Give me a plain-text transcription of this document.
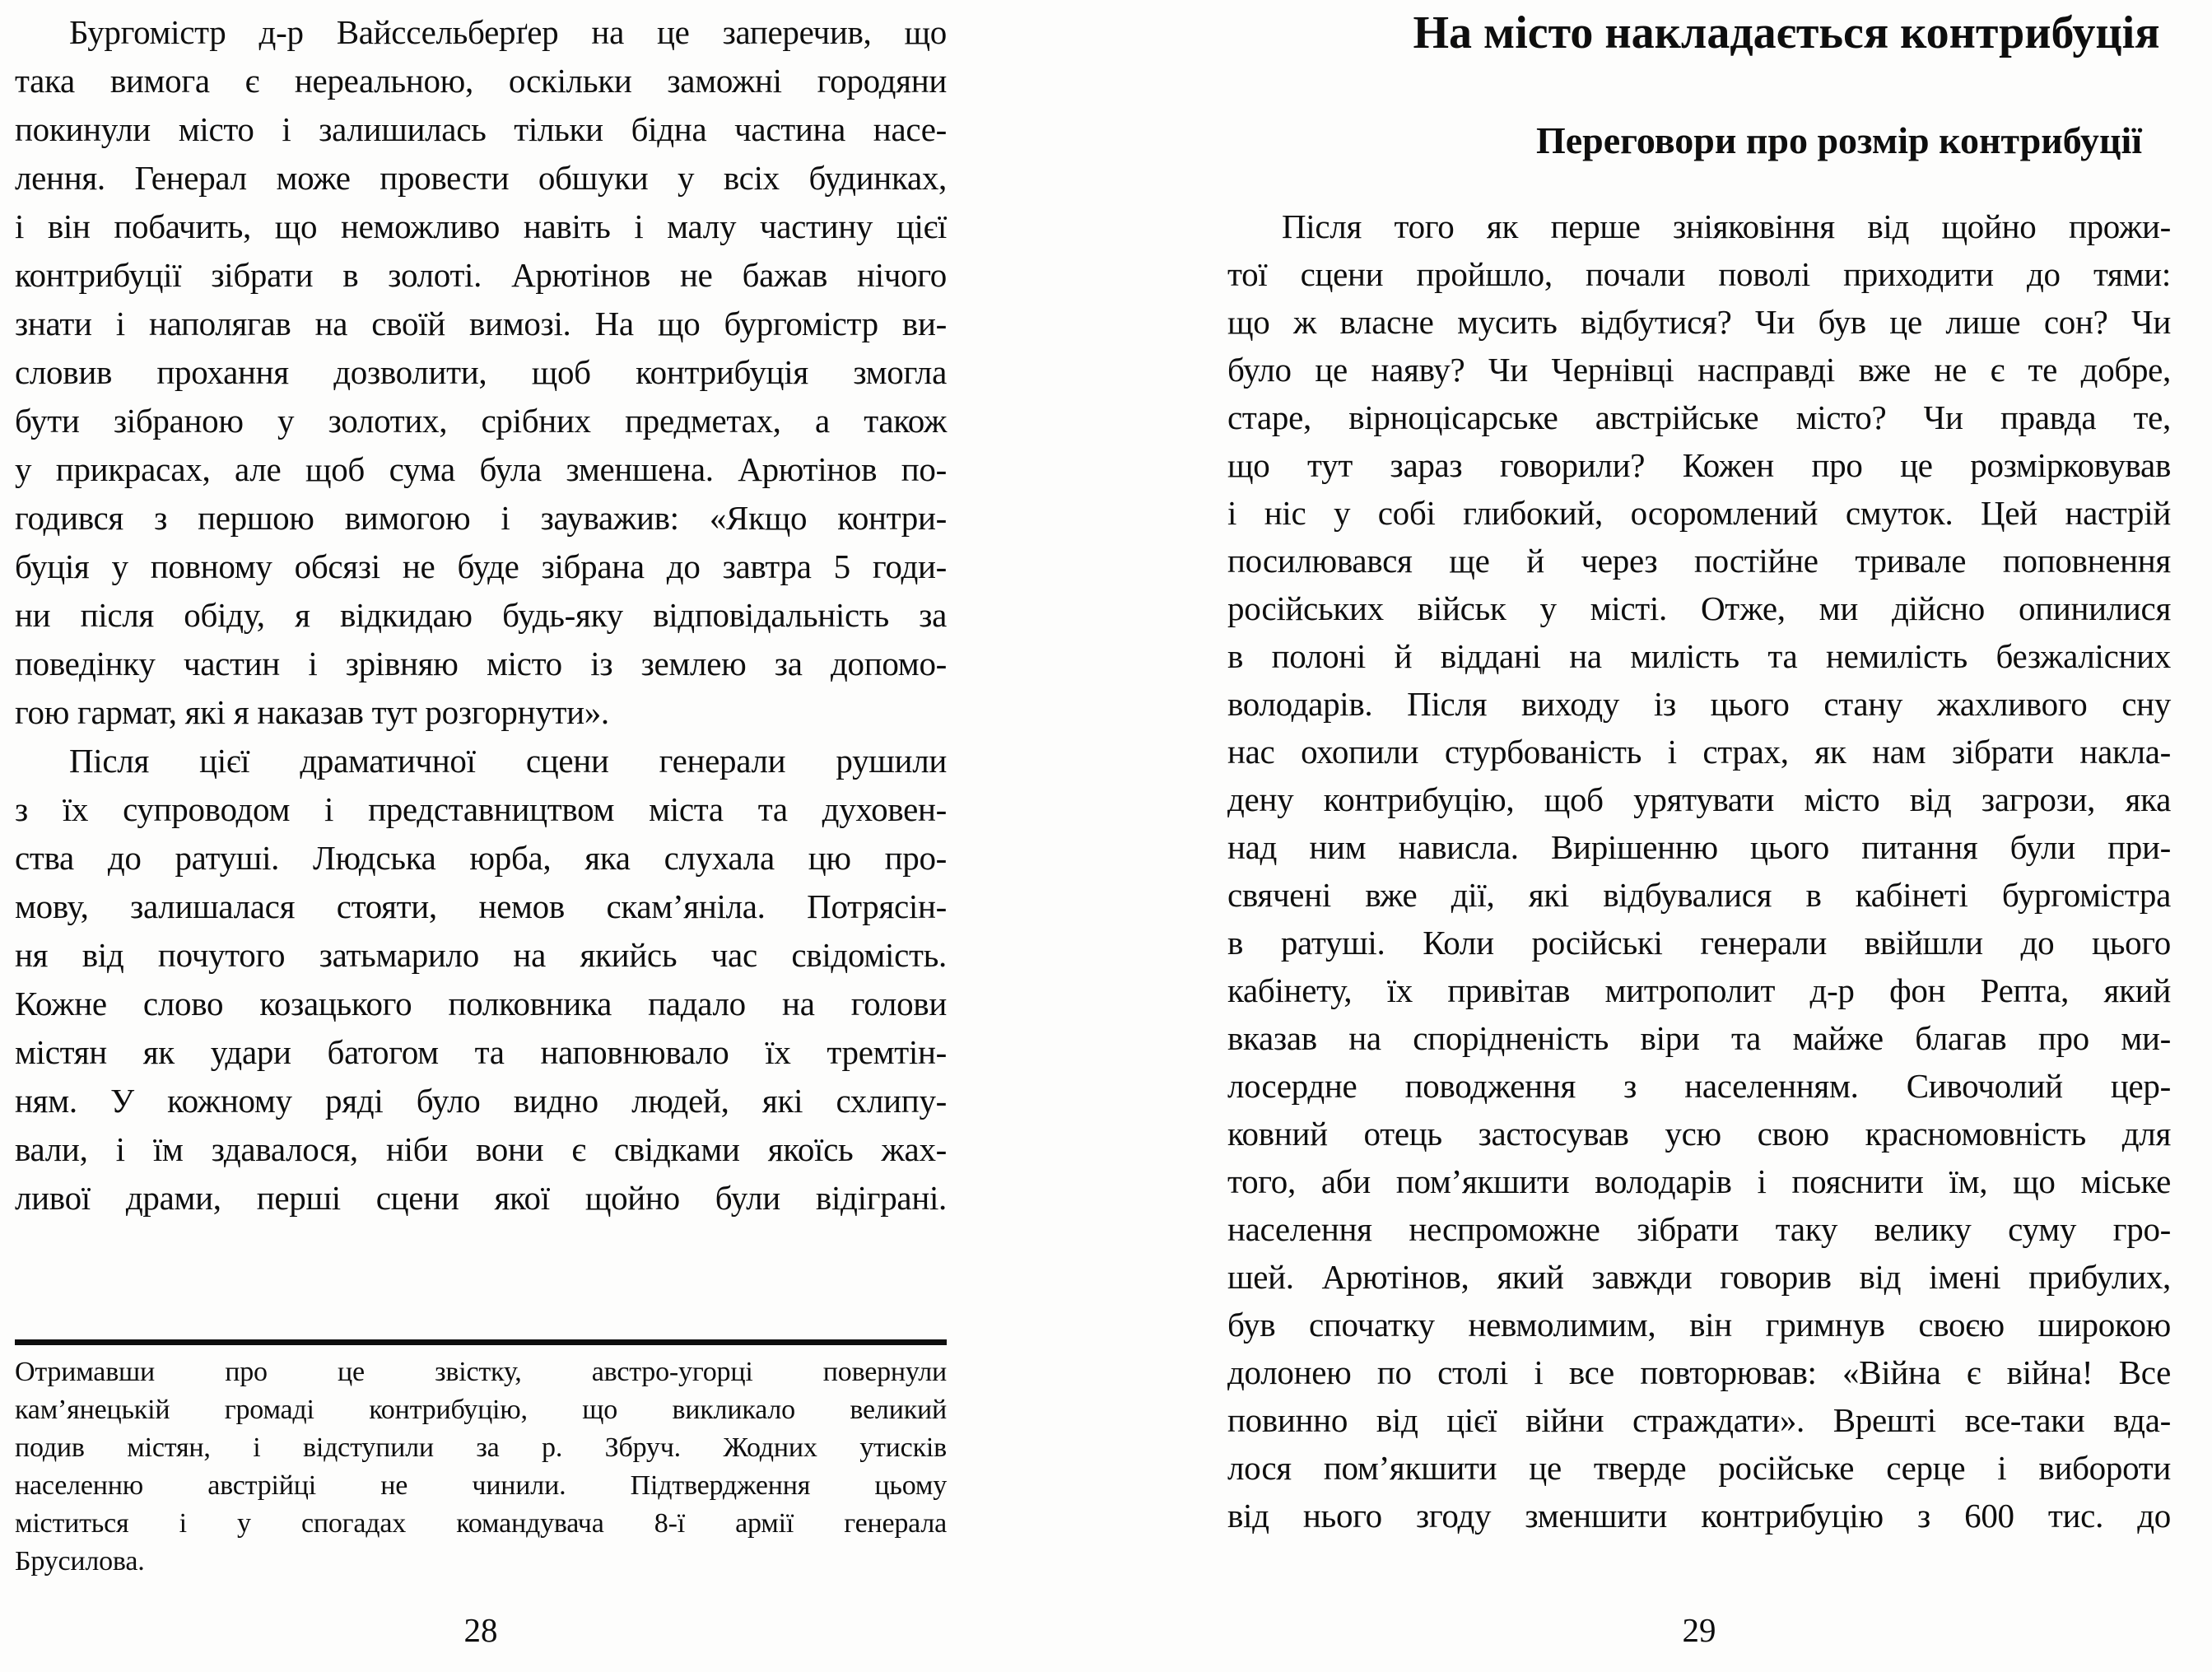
Бургомістр д-р Вайссельберґер на це заперечив, що
така вимога є нереальною, оскільки заможні городяни
покинули місто і залишилась тільки бідна частина насе-
лення. Генерал може провести обшуки у всіх будинках,
і він побачить, що неможливо навіть і малу частину цієї
контрибуції зібрати в золоті. Арютінов не бажав нічого
знати і наполягав на своїй вимозі. На що бургомістр ви-
словив прохання дозволити, щоб контрибуція змогла
бути зібраною у золотих, срібних предметах, а також
у прикрасах, але щоб сума була зменшена. Арютінов по-
годився з першою вимогою і зауважив: «Якщо контри-
буція у повному обсязі не буде зібрана до завтра 5 годи-
ни після обіду, я відкидаю будь-яку відповідальність за
поведінку частин і зрівняю місто із землею за допомо-
гою гармат, які я наказав тут розгорнути».
Після цієї драматичної сцени генерали рушили
з їх супроводом і представництвом міста та духовен-
ства до ратуші. Людська юрба, яка слухала цю про-
мову, залишалася стояти, немов скам’яніла. Потрясін-
ня від почутого затьмарило на якийсь час свідомість.
Кожне слово козацького полковника падало на голови
містян як удари батогом та наповнювало їх тремтін-
ням. У кожному ряді було видно людей, які схлипу-
вали, і їм здавалося, ніби вони є свідками якоїсь жах-
ливої драми, перші сцени якої щойно були відіграні.
Отримавши про це звістку, австро-угорці повернули
кам’янецькій громаді контрибуцію, що викликало великий
подив містян, і відступили за р. Збруч. Жодних утисків
населенню австрійці не чинили. Підтвердження цьому
міститься і у спогадах командувача 8-ї армії генерала
Брусилова.
28
На місто накладається контрибуція
Переговори про розмір контрибуції
Після того як перше зніяковіння від щойно прожи-
тої сцени пройшло, почали поволі приходити до тями:
що ж власне мусить відбутися? Чи був це лише сон? Чи
було це наяву? Чи Чернівці насправді вже не є те добре,
старе, вірноцісарське австрійське місто? Чи правда те,
що тут зараз говорили? Кожен про це розмірковував
і ніс у собі глибокий, осоромлений смуток. Цей настрій
посилювався ще й через постійне тривале поповнення
російських військ у місті. Отже, ми дійсно опинилися
в полоні й віддані на милість та немилість безжалісних
володарів. Після виходу із цього стану жахливого сну
нас охопили стурбованість і страх, як нам зібрати накла-
дену контрибуцію, щоб урятувати місто від загрози, яка
над ним нависла. Вирішенню цього питання були при-
свячені вже дії, які відбувалися в кабінеті бургомістра
в ратуші. Коли російські генерали ввійшли до цього
кабінету, їх привітав митрополит д-р фон Репта, який
вказав на спорідненість віри та майже благав про ми-
лосердне поводження з населенням. Сивочолий цер-
ковний отець застосував усю свою красномовність для
того, аби пом’якшити володарів і пояснити їм, що міське
населення неспроможне зібрати таку велику суму гро-
шей. Арютінов, який завжди говорив від імені прибулих,
був спочатку невмолимим, він гримнув своєю широкою
долонею по столі і все повторював: «Війна є війна! Все
повинно від цієї війни страждати». Врешті все-таки вда-
лося пом’якшити це тверде російське серце і вибороти
від нього згоду зменшити контрибуцію з 600 тис. до
29
